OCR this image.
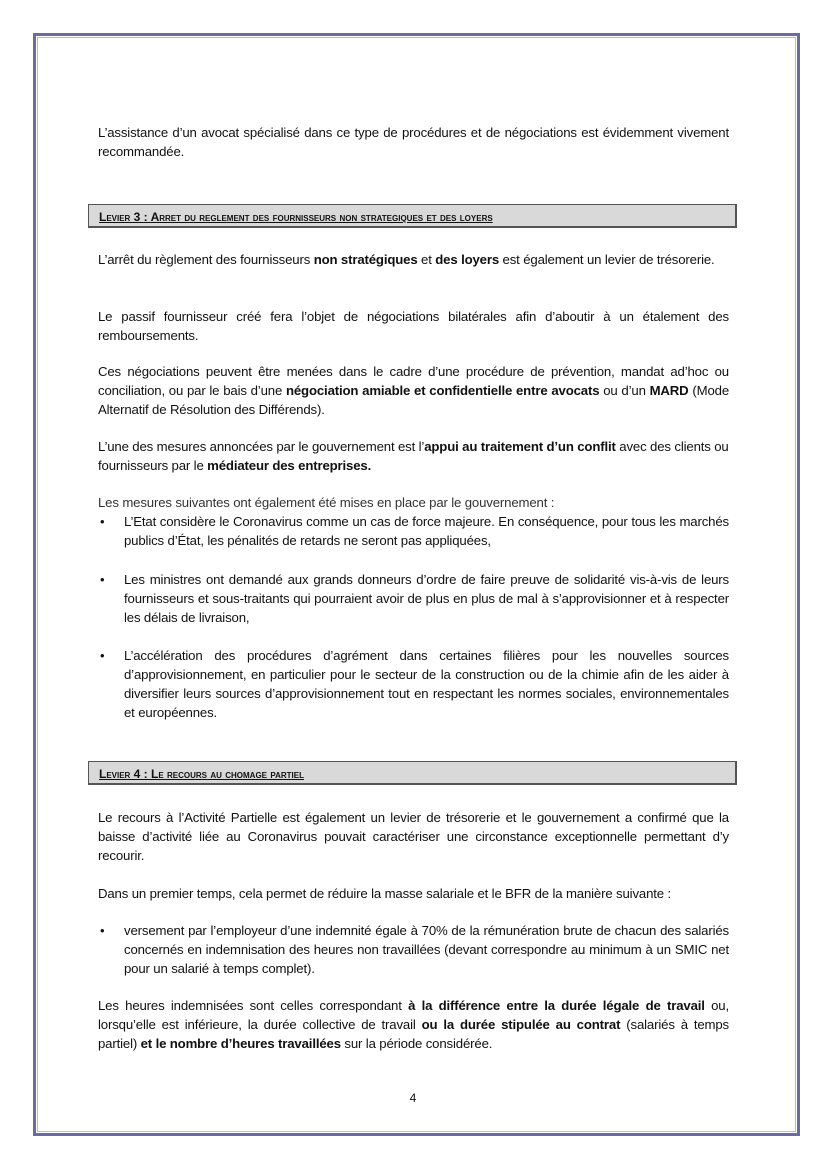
L’assistance d’un avocat spécialisé dans ce type de procédures et de négociations est évidemment vivement recommandée.

Levier 3 : Arret du reglement des fournisseurs non strategiques et des loyers

L’arrêt du règlement des fournisseurs non stratégiques et des loyers est également un levier de trésorerie.

Le passif fournisseur créé fera l’objet de négociations bilatérales afin d’aboutir à un étalement des remboursements.

Ces négociations peuvent être menées dans le cadre d’une procédure de prévention, mandat ad’hoc ou conciliation, ou par le bais d’une négociation amiable et confidentielle entre avocats ou d’un MARD (Mode Alternatif de Résolution des Différends).

L’une des mesures annoncées par le gouvernement est l’appui au traitement d’un conflit avec des clients ou fournisseurs par le médiateur des entreprises.

Les mesures suivantes ont également été mises en place par le gouvernement :

• L’Etat considère le Coronavirus comme un cas de force majeure. En conséquence, pour tous les marchés publics d’État, les pénalités de retards ne seront pas appliquées,
• Les ministres ont demandé aux grands donneurs d’ordre de faire preuve de solidarité vis-à-vis de leurs fournisseurs et sous-traitants qui pourraient avoir de plus en plus de mal à s’approvisionner et à respecter les délais de livraison,
• L’accélération des procédures d’agrément dans certaines filières pour les nouvelles sources d’approvisionnement, en particulier pour le secteur de la construction ou de la chimie afin de les aider à diversifier leurs sources d’approvisionnement tout en respectant les normes sociales, environnementales et européennes.
Levier 4 : Le recours au chomage partiel

Le recours à l’Activité Partielle est également un levier de trésorerie et le gouvernement a confirmé que la baisse d’activité liée au Coronavirus pouvait caractériser une circonstance exceptionnelle permettant d’y recourir.

Dans un premier temps, cela permet de réduire la masse salariale et le BFR de la manière suivante :

• versement par l’employeur d’une indemnité égale à 70% de la rémunération brute de chacun des salariés concernés en indemnisation des heures non travaillées (devant correspondre au minimum à un SMIC net pour un salarié à temps complet).

Les heures indemnisées sont celles correspondant à la différence entre la durée légale de travail ou, lorsqu’elle est inférieure, la durée collective de travail ou la durée stipulée au contrat (salariés à temps partiel) et le nombre d’heures travaillées sur la période considérée.

4
